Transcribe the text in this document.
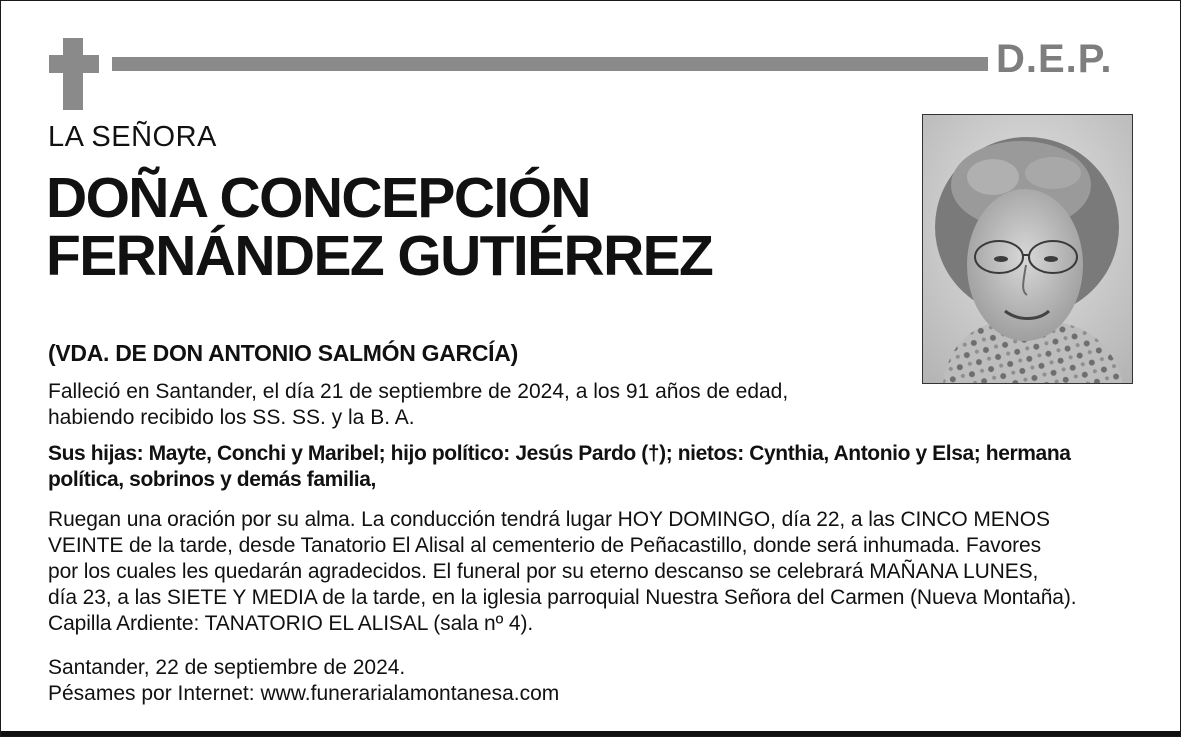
D.E.P.
LA SEÑORA
DOÑA CONCEPCIÓN
FERNÁNDEZ GUTIÉRREZ
(VDA. DE DON ANTONIO SALMÓN GARCÍA)
Falleció en Santander, el día 21 de septiembre de 2024, a los 91 años de edad,
habiendo recibido los SS. SS. y la B. A.
Sus hijas: Mayte, Conchi y Maribel; hijo político: Jesús Pardo (†); nietos: Cynthia, Antonio y Elsa; hermana
política, sobrinos y demás familia,
Ruegan una oración por su alma. La conducción tendrá lugar HOY DOMINGO, día 22, a las CINCO MENOS
VEINTE de la tarde, desde Tanatorio El Alisal al cementerio de Peñacastillo, donde será inhumada. Favores
por los cuales les quedarán agradecidos. El funeral por su eterno descanso se celebrará MAÑANA LUNES,
día 23, a las SIETE Y MEDIA de la tarde, en la iglesia parroquial Nuestra Señora del Carmen (Nueva Montaña).
Capilla Ardiente: TANATORIO EL ALISAL (sala nº 4).
Santander, 22 de septiembre de 2024.
Pésames por Internet: www.funerarialamontanesa.com
